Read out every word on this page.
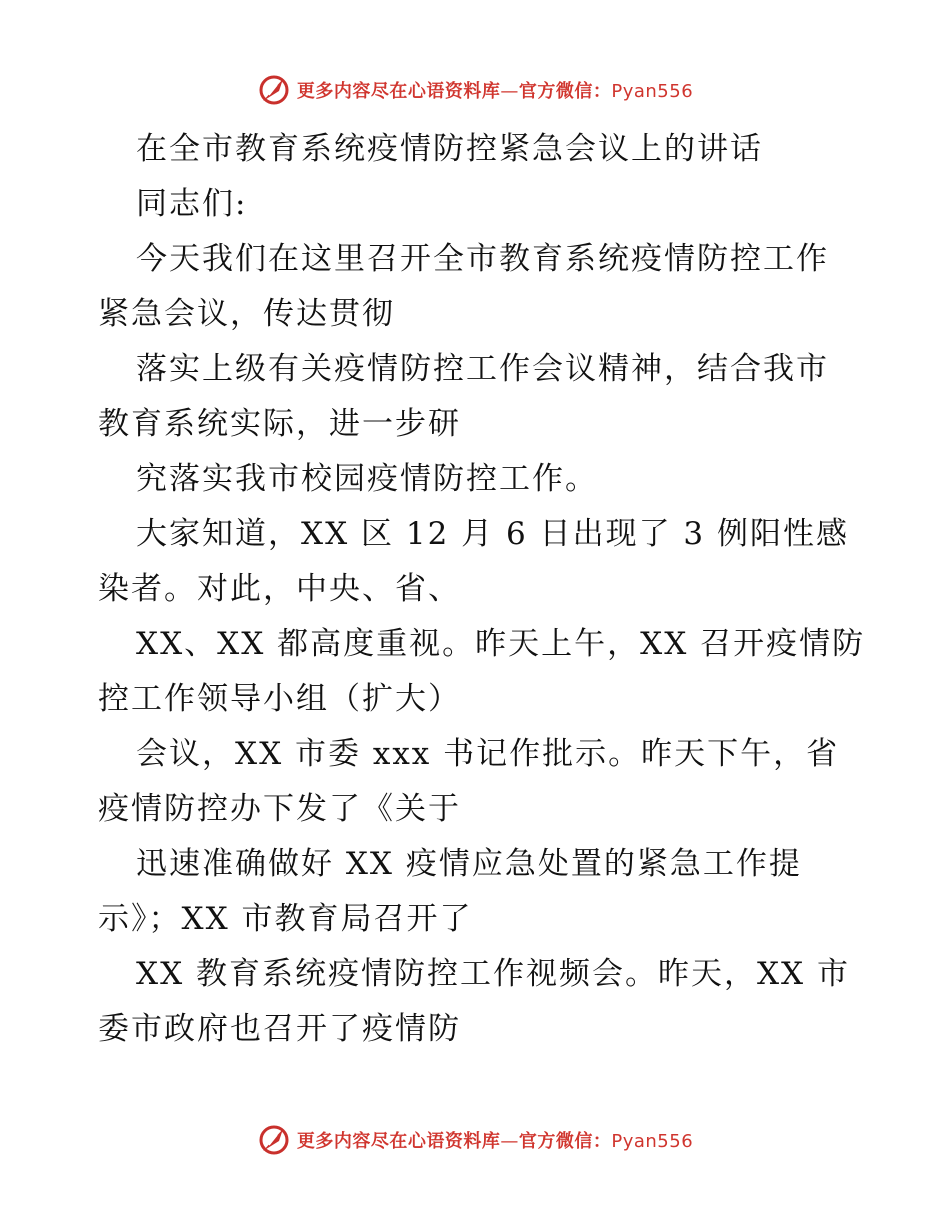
更多内容尽在心语资料库—官方微信：Pyan556
在全市教育系统疫情防控紧急会议上的讲话
同志们:
今天我们在这里召开全市教育系统疫情防控工作
紧急会议，传达贯彻
落实上级有关疫情防控工作会议精神，结合我市
教育系统实际，进一步研
究落实我市校园疫情防控工作。
大家知道，XX 区 12 月 6 日出现了 3 例阳性感
染者。对此，中央、省、
XX、XX 都高度重视。昨天上午，XX 召开疫情防
控工作领导小组（扩大）
会议，XX 市委 xxx 书记作批示。昨天下午，省
疫情防控办下发了《关于
迅速准确做好 XX 疫情应急处置的紧急工作提
示》；XX 市教育局召开了
XX 教育系统疫情防控工作视频会。昨天，XX 市
委市政府也召开了疫情防
更多内容尽在心语资料库—官方微信：Pyan556
